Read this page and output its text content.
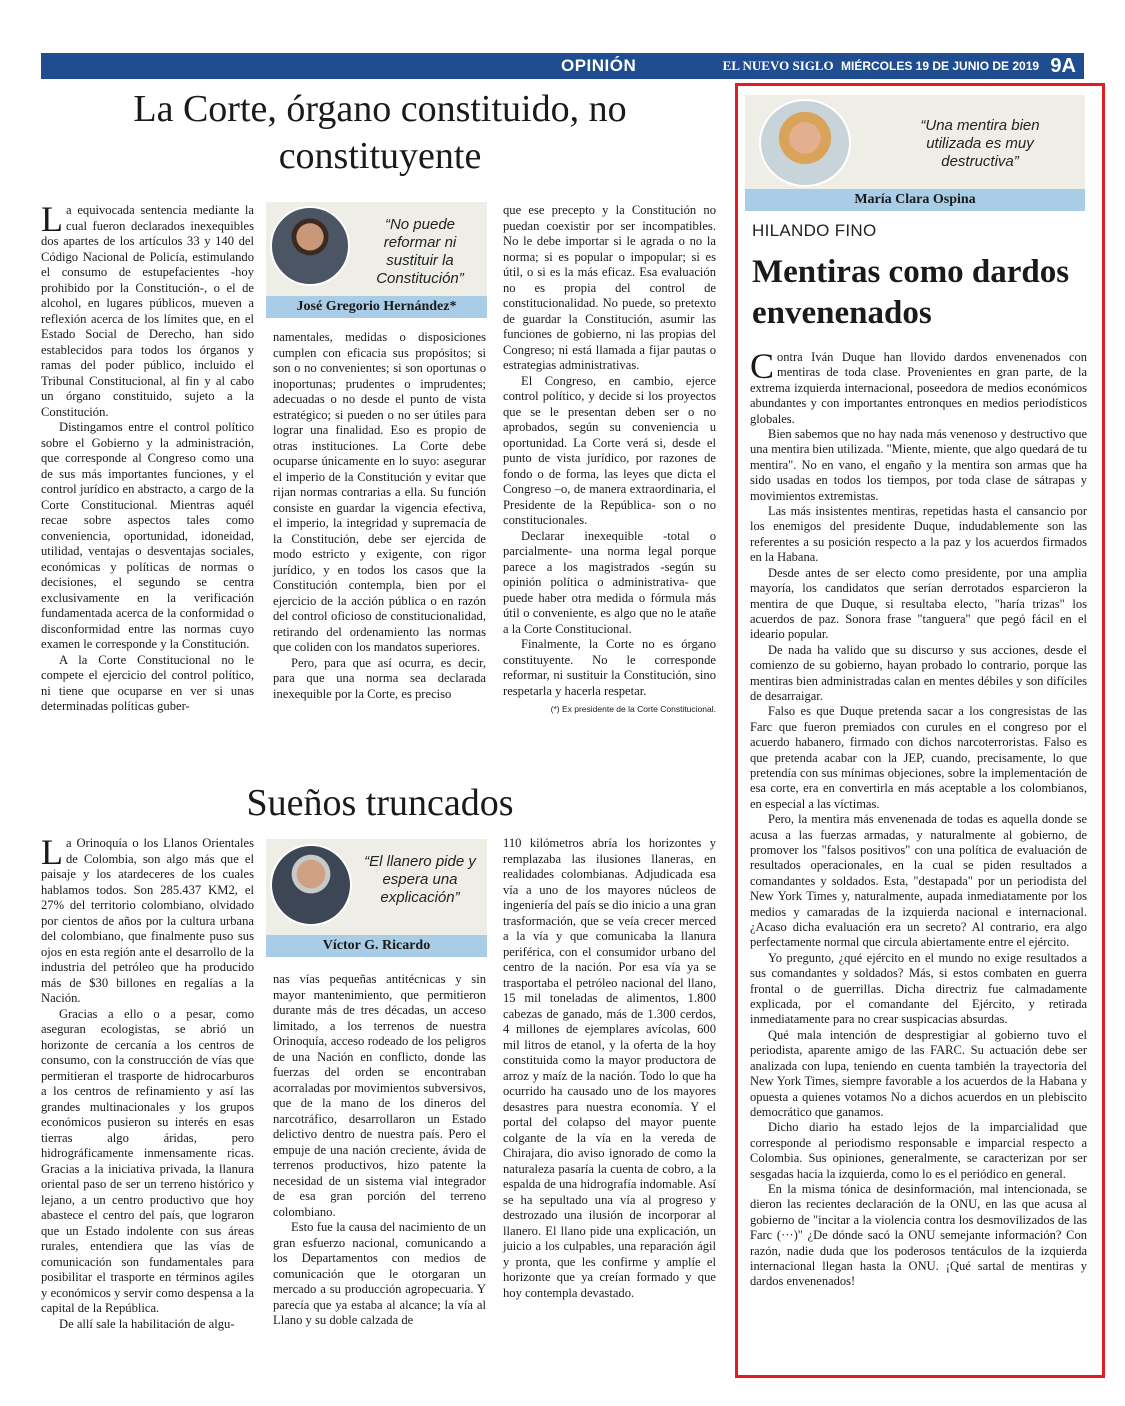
OPINIÓN	EL NUEVO SIGLO MIÉRCOLES 19 DE JUNIO DE 2019 9A
La Corte, órgano constituido, no constituyente

La equivocada sentencia mediante la cual fueron declarados inexequibles dos apartes de los artículos 33 y 140 del Código Nacional de Policía, estimulando el consumo de estupefacientes -hoy prohibido por la Constitución-, o el de alcohol, en lugares públicos, mueven a reflexión acerca de los límites que, en el Estado Social de Derecho, han sido establecidos para todos los órganos y ramas del poder público, incluido el Tribunal Constitucional, al fin y al cabo un órgano constituido, sujeto a la Constitución.

Distingamos entre el control político sobre el Gobierno y la administración, que corresponde al Congreso como una de sus más importantes funciones, y el control jurídico en abstracto, a cargo de la Corte Constitucional. Mientras aquél recae sobre aspectos tales como conveniencia, oportunidad, idoneidad, utilidad, ventajas o desventajas sociales, económicas y políticas de normas o decisiones, el segundo se centra exclusivamente en la verificación fundamentada acerca de la conformidad o disconformidad entre las normas cuyo examen le corresponde y la Constitución.

A la Corte Constitucional no le compete el ejercicio del control político, ni tiene que ocuparse en ver si unas determinadas políticas guber-

“No puede reformar ni sustituir la Constitución”
José Gregorio Hernández*

namentales, medidas o disposiciones cumplen con eficacia sus propósitos; si son o no convenientes; si son oportunas o inoportunas; prudentes o imprudentes; adecuadas o no desde el punto de vista estratégico; si pueden o no ser útiles para lograr una finalidad. Eso es propio de otras instituciones. La Corte debe ocuparse únicamente en lo suyo: asegurar el imperio de la Constitución y evitar que rijan normas contrarias a ella. Su función consiste en guardar la vigencia efectiva, el imperio, la integridad y supremacía de la Constitución, debe ser ejercida de modo estricto y exigente, con rigor jurídico, y en todos los casos que la Constitución contempla, bien por el ejercicio de la acción pública o en razón del control oficioso de constitucionalidad, retirando del ordenamiento las normas que coliden con los mandatos superiores.

Pero, para que así ocurra, es decir, para que una norma sea declarada inexequible por la Corte, es preciso

que ese precepto y la Constitución no puedan coexistir por ser incompatibles. No le debe importar si le agrada o no la norma; si es popular o impopular; si es útil, o si es la más eficaz. Esa evaluación no es propia del control de constitucionalidad. No puede, so pretexto de guardar la Constitución, asumir las funciones de gobierno, ni las propias del Congreso; ni está llamada a fijar pautas o estrategias administrativas.

El Congreso, en cambio, ejerce control político, y decide si los proyectos que se le presentan deben ser o no aprobados, según su conveniencia u oportunidad. La Corte verá si, desde el punto de vista jurídico, por razones de fondo o de forma, las leyes que dicta el Congreso –o, de manera extraordinaria, el Presidente de la República- son o no constitucionales.

Declarar inexequible -total o parcialmente- una norma legal porque parece a los magistrados -según su opinión política o administrativa- que puede haber otra medida o fórmula más útil o conveniente, es algo que no le atañe a la Corte Constitucional.

Finalmente, la Corte no es órgano constituyente. No le corresponde reformar, ni sustituir la Constitución, sino respetarla y hacerla respetar.

(*) Ex presidente de la Corte Constitucional.

Sueños truncados

La Orinoquía o los Llanos Orientales de Colombia, son algo más que el paisaje y los atardeceres de los cuales hablamos todos. Son 285.437 KM2, el 27% del territorio colombiano, olvidado por cientos de años por la cultura urbana del colombiano, que finalmente puso sus ojos en esta región ante el desarrollo de la industria del petróleo que ha producido más de $30 billones en regalías a la Nación.

Gracias a ello o a pesar, como aseguran ecologistas, se abrió un horizonte de cercanía a los centros de consumo, con la construcción de vías que permitieran el trasporte de hidrocarburos a los centros de refinamiento y así las grandes multinacionales y los grupos económicos pusieron su interés en esas tierras algo áridas, pero hidrográficamente inmensamente ricas. Gracias a la iniciativa privada, la llanura oriental paso de ser un terreno histórico y lejano, a un centro productivo que hoy abastece el centro del país, que lograron que un Estado indolente con sus áreas rurales, entendiera que las vías de comunicación son fundamentales para posibilitar el trasporte en términos agiles y económicos y servir como despensa a la capital de la República.

De allí sale la habilitación de algu-

“El llanero pide y espera una explicación”
Víctor G. Ricardo

nas vías pequeñas antitécnicas y sin mayor mantenimiento, que permitieron durante más de tres décadas, un acceso limitado, a los terrenos de nuestra Orinoquía, acceso rodeado de los peligros de una Nación en conflicto, donde las fuerzas del orden se encontraban acorraladas por movimientos subversivos, que de la mano de los dineros del narcotráfico, desarrollaron un Estado delictivo dentro de nuestra país. Pero el empuje de una nación creciente, ávida de terrenos productivos, hizo patente la necesidad de un sistema vial integrador de esa gran porción del terreno colombiano.

Esto fue la causa del nacimiento de un gran esfuerzo nacional, comunicando a los Departamentos con medios de comunicación que le otorgaran un mercado a su producción agropecuaria. Y parecía que ya estaba al alcance; la vía al Llano y su doble calzada de

110 kilómetros abría los horizontes y remplazaba las ilusiones llaneras, en realidades colombianas. Adjudicada esa vía a uno de los mayores núcleos de ingeniería del país se dio inicio a una gran trasformación, que se veía crecer merced a la vía y que comunicaba la llanura periférica, con el consumidor urbano del centro de la nación. Por esa vía ya se trasportaba el petróleo nacional del llano, 15 mil toneladas de alimentos, 1.800 cabezas de ganado, más de 1.300 cerdos, 4 millones de ejemplares avícolas, 600 mil litros de etanol, y la oferta de la hoy constituida como la mayor productora de arroz y maíz de la nación. Todo lo que ha ocurrido ha causado uno de los mayores desastres para nuestra economía. Y el portal del colapso del mayor puente colgante de la vía en la vereda de Chirajara, dio aviso ignorado de como la naturaleza pasaría la cuenta de cobro, a la espalda de una hidrografía indomable. Así se ha sepultado una vía al progreso y destrozado una ilusión de incorporar al llanero. El llano pide una explicación, un juicio a los culpables, una reparación ágil y pronta, que les confirme y amplíe el horizonte que ya creían formado y que hoy contempla devastado.

“Una mentira bien utilizada es muy destructiva”
María Clara Ospina
HILANDO FINO
Mentiras como dardos envenenados

Contra Iván Duque han llovido dardos envenenados con mentiras de toda clase. Provenientes en gran parte, de la extrema izquierda internacional, poseedora de medios económicos abundantes y con importantes entronques en medios periodísticos globales.

Bien sabemos que no hay nada más venenoso y destructivo que una mentira bien utilizada. "Miente, miente, que algo quedará de tu mentira". No en vano, el engaño y la mentira son armas que ha sido usadas en todos los tiempos, por toda clase de sátrapas y movimientos extremistas.

Las más insistentes mentiras, repetidas hasta el cansancio por los enemigos del presidente Duque, indudablemente son las referentes a su posición respecto a la paz y los acuerdos firmados en la Habana.

Desde antes de ser electo como presidente, por una amplia mayoría, los candidatos que serían derrotados esparcieron la mentira de que Duque, si resultaba electo, "haría trizas" los acuerdos de paz. Sonora frase "tanguera" que pegó fácil en el ideario popular.

De nada ha valido que su discurso y sus acciones, desde el comienzo de su gobierno, hayan probado lo contrario, porque las mentiras bien administradas calan en mentes débiles y son difíciles de desarraigar.

Falso es que Duque pretenda sacar a los congresistas de las Farc que fueron premiados con curules en el congreso por el acuerdo habanero, firmado con dichos narcoterroristas. Falso es que pretenda acabar con la JEP, cuando, precisamente, lo que pretendía con sus mínimas objeciones, sobre la implementación de esa corte, era en convertirla en más aceptable a los colombianos, en especial a las víctimas.

Pero, la mentira más envenenada de todas es aquella donde se acusa a las fuerzas armadas, y naturalmente al gobierno, de promover los "falsos positivos" con una política de evaluación de resultados operacionales, en la cual se piden resultados a comandantes y soldados. Esta, "destapada" por un periodista del New York Times y, naturalmente, aupada inmediatamente por los medios y camaradas de la izquierda nacional e internacional. ¿Acaso dicha evaluación era un secreto? Al contrario, era algo perfectamente normal que circula abiertamente entre el ejército.

Yo pregunto, ¿qué ejército en el mundo no exige resultados a sus comandantes y soldados? Más, si estos combaten en guerra frontal o de guerrillas. Dicha directriz fue calmadamente explicada, por el comandante del Ejército, y retirada inmediatamente para no crear suspicacias absurdas.

Qué mala intención de desprestigiar al gobierno tuvo el periodista, aparente amigo de las FARC. Su actuación debe ser analizada con lupa, teniendo en cuenta también la trayectoria del New York Times, siempre favorable a los acuerdos de la Habana y opuesta a quienes votamos No a dichos acuerdos en un plebiscito democrático que ganamos.

Dicho diario ha estado lejos de la imparcialidad que corresponde al periodismo responsable e imparcial respecto a Colombia. Sus opiniones, generalmente, se caracterizan por ser sesgadas hacia la izquierda, como lo es el periódico en general.

En la misma tónica de desinformación, mal intencionada, se dieron las recientes declaración de la ONU, en las que acusa al gobierno de "incitar a la violencia contra los desmovilizados de las Farc (···)" ¿De dónde sacó la ONU semejante información? Con razón, nadie duda que los poderosos tentáculos de la izquierda internacional llegan hasta la ONU. ¡Qué sartal de mentiras y dardos envenenados!
